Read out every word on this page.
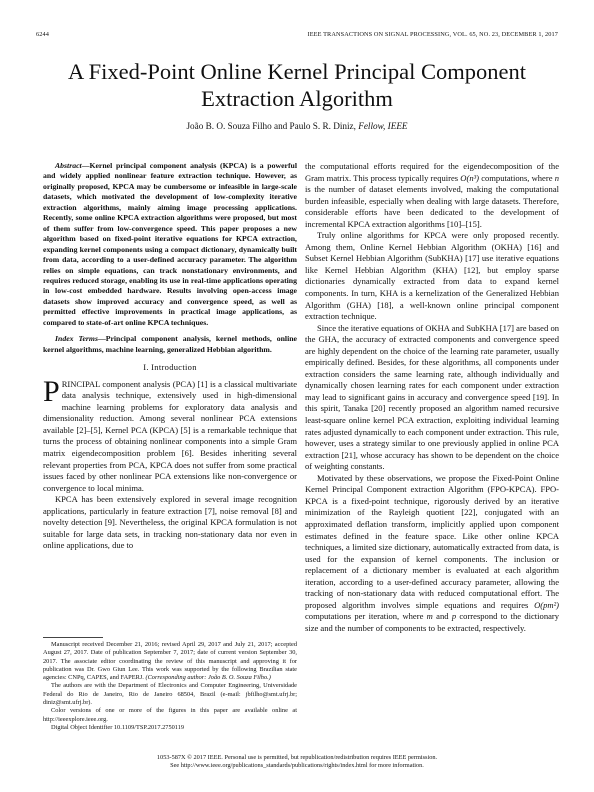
6244	IEEE TRANSACTIONS ON SIGNAL PROCESSING, VOL. 65, NO. 23, DECEMBER 1, 2017
A Fixed-Point Online Kernel Principal Component Extraction Algorithm
João B. O. Souza Filho and Paulo S. R. Diniz, Fellow, IEEE

Abstract—Kernel principal component analysis (KPCA) is a powerful and widely applied nonlinear feature extraction technique. However, as originally proposed, KPCA may be cumbersome or infeasible in large-scale datasets, which motivated the development of low-complexity iterative extraction algorithms, mainly aiming image processing applications. Recently, some online KPCA extraction algorithms were proposed, but most of them suffer from low-convergence speed. This paper proposes a new algorithm based on fixed-point iterative equations for KPCA extraction, expanding kernel components using a compact dictionary, dynamically built from data, according to a user-defined accuracy parameter. The algorithm relies on simple equations, can track nonstationary environments, and requires reduced storage, enabling its use in real-time applications operating in low-cost embedded hardware. Results involving open-access image datasets show improved accuracy and convergence speed, as well as permitted effective improvements in practical image applications, as compared to state-of-art online KPCA techniques.

Index Terms—Principal component analysis, kernel methods, online kernel algorithms, machine learning, generalized Hebbian algorithm.

I. Introduction

PRINCIPAL component analysis (PCA) [1] is a classical multivariate data analysis technique, extensively used in high-dimensional machine learning problems for exploratory data analysis and dimensionality reduction. Among several nonlinear PCA extensions available [2]–[5], Kernel PCA (KPCA) [5] is a remarkable technique that turns the process of obtaining nonlinear components into a simple Gram matrix eigendecomposition problem [6]. Besides inheriting several relevant properties from PCA, KPCA does not suffer from some practical issues faced by other nonlinear PCA extensions like non-convergence or convergence to local minima.

KPCA has been extensively explored in several image recognition applications, particularly in feature extraction [7], noise removal [8] and novelty detection [9]. Nevertheless, the original KPCA formulation is not suitable for large data sets, in tracking non-stationary data nor even in online applications, due to

Manuscript received December 21, 2016; revised April 29, 2017 and July 21, 2017; accepted August 27, 2017. Date of publication September 7, 2017; date of current version September 30, 2017. The associate editor coordinating the review of this manuscript and approving it for publication was Dr. Gwo Giun Lee. This work was supported by the following Brazilian state agencies: CNPq, CAPES, and FAPERJ. (Corresponding author: João B. O. Souza Filho.)

The authors are with the Department of Electronics and Computer Engineering, Universidade Federal do Rio de Janeiro, Rio de Janeiro 68504, Brazil (e-mail: jbfilho@smt.ufrj.br; diniz@smt.ufrj.br).

Color versions of one or more of the figures in this paper are available online at http://ieeexplore.ieee.org.

Digital Object Identifier 10.1109/TSP.2017.2750119

the computational efforts required for the eigendecomposition of the Gram matrix. This process typically requires O(n³) computations, where n is the number of dataset elements involved, making the computational burden infeasible, especially when dealing with large datasets. Therefore, considerable efforts have been dedicated to the development of incremental KPCA extraction algorithms [10]–[15].

Truly online algorithms for KPCA were only proposed recently. Among them, Online Kernel Hebbian Algorithm (OKHA) [16] and Subset Kernel Hebbian Algorithm (SubKHA) [17] use iterative equations like Kernel Hebbian Algorithm (KHA) [12], but employ sparse dictionaries dynamically extracted from data to expand kernel components. In turn, KHA is a kernelization of the Generalized Hebbian Algorithm (GHA) [18], a well-known online principal component extraction technique.

Since the iterative equations of OKHA and SubKHA [17] are based on the GHA, the accuracy of extracted components and convergence speed are highly dependent on the choice of the learning rate parameter, usually empirically defined. Besides, for these algorithms, all components under extraction considers the same learning rate, although individually and dynamically chosen learning rates for each component under extraction may lead to significant gains in accuracy and convergence speed [19]. In this spirit, Tanaka [20] recently proposed an algorithm named recursive least-square online kernel PCA extraction, exploiting individual learning rates adjusted dynamically to each component under extraction. This rule, however, uses a strategy similar to one previously applied in online PCA extraction [21], whose accuracy has shown to be dependent on the choice of weighting constants.

Motivated by these observations, we propose the Fixed-Point Online Kernel Principal Component extraction Algorithm (FPO-KPCA). FPO-KPCA is a fixed-point technique, rigorously derived by an iterative minimization of the Rayleigh quotient [22], conjugated with an approximated deflation transform, implicitly applied upon component estimates defined in the feature space. Like other online KPCA techniques, a limited size dictionary, automatically extracted from data, is used for the expansion of kernel components. The inclusion or replacement of a dictionary member is evaluated at each algorithm iteration, according to a user-defined accuracy parameter, allowing the tracking of non-stationary data with reduced computational effort. The proposed algorithm involves simple equations and requires O(pm²) computations per iteration, where m and p correspond to the dictionary size and the number of components to be extracted, respectively.

1053-587X © 2017 IEEE. Personal use is permitted, but republication/redistribution requires IEEE permission.
See http://www.ieee.org/publications_standards/publications/rights/index.html for more information.
